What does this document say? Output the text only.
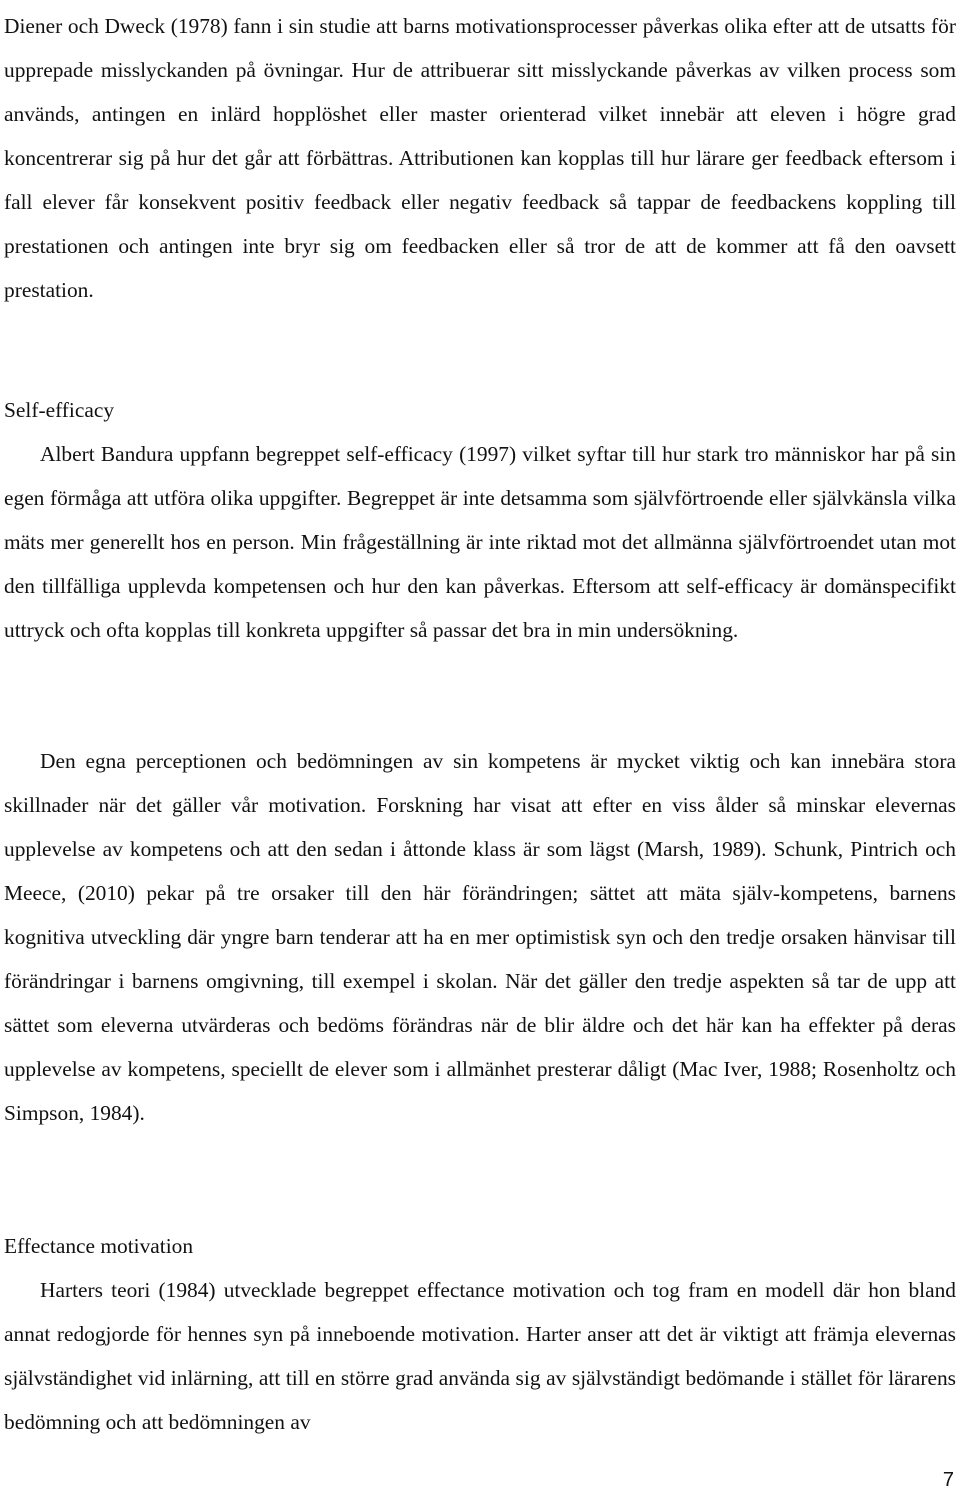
Diener och Dweck (1978) fann i sin studie att barns motivationsprocesser påverkas olika efter att de utsatts för upprepade misslyckanden på övningar. Hur de attribuerar sitt misslyckande påverkas av vilken process som används, antingen en inlärd hopplöshet eller master orienterad vilket innebär att eleven i högre grad koncentrerar sig på hur det går att förbättras. Attributionen kan kopplas till hur lärare ger feedback eftersom i fall elever får konsekvent positiv feedback eller negativ feedback så tappar de feedbackens koppling till prestationen och antingen inte bryr sig om feedbacken eller så tror de att de kommer att få den oavsett prestation.

Self-efficacy

Albert Bandura uppfann begreppet self-efficacy (1997) vilket syftar till hur stark tro människor har på sin egen förmåga att utföra olika uppgifter. Begreppet är inte detsamma som självförtroende eller självkänsla vilka mäts mer generellt hos en person. Min frågeställning är inte riktad mot det allmänna självförtroendet utan mot den tillfälliga upplevda kompetensen och hur den kan påverkas. Eftersom att self-efficacy är domänspecifikt uttryck och ofta kopplas till konkreta uppgifter så passar det bra in min undersökning.

Den egna perceptionen och bedömningen av sin kompetens är mycket viktig och kan innebära stora skillnader när det gäller vår motivation. Forskning har visat att efter en viss ålder så minskar elevernas upplevelse av kompetens och att den sedan i åttonde klass är som lägst (Marsh, 1989). Schunk, Pintrich och Meece, (2010) pekar på tre orsaker till den här förändringen; sättet att mäta själv-kompetens, barnens kognitiva utveckling där yngre barn tenderar att ha en mer optimistisk syn och den tredje orsaken hänvisar till förändringar i barnens omgivning, till exempel i skolan. När det gäller den tredje aspekten så tar de upp att sättet som eleverna utvärderas och bedöms förändras när de blir äldre och det här kan ha effekter på deras upplevelse av kompetens, speciellt de elever som i allmänhet presterar dåligt (Mac Iver, 1988; Rosenholtz och Simpson, 1984).

Effectance motivation

Harters teori (1984) utvecklade begreppet effectance motivation och tog fram en modell där hon bland annat redogjorde för hennes syn på inneboende motivation. Harter anser att det är viktigt att främja elevernas självständighet vid inlärning, att till en större grad använda sig av självständigt bedömande i stället för lärarens bedömning och att bedömningen av

7
